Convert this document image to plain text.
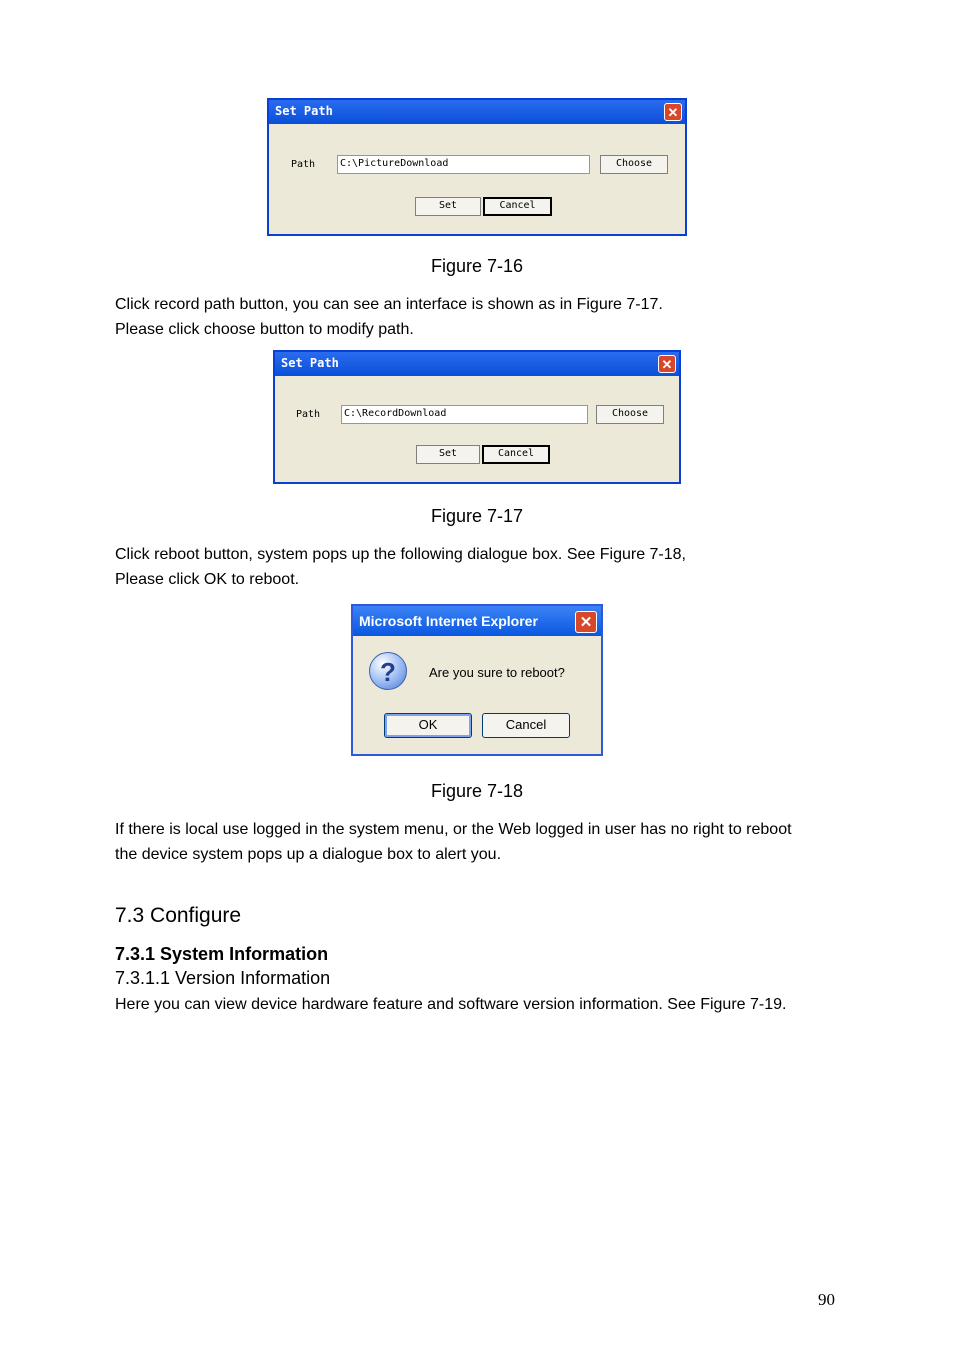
Set Path	✕
Path	C:\PictureDownload	Choose
Set	Cancel
Figure 7-16
Click record path button, you can see an interface is shown as in Figure 7-17.
Please click choose button to modify path.
Set Path	✕
Path	C:\RecordDownload	Choose
Set	Cancel
Figure 7-17
Click reboot button, system pops up the following dialogue box. See Figure 7-18,
Please click OK to reboot.
Microsoft Internet Explorer	✕
?	Are you sure to reboot?
OK	Cancel
Figure 7-18
If there is local use logged in the system menu, or the Web logged in user has no right to reboot
the device system pops up a dialogue box to alert you.
7.3 Configure
7.3.1 System Information
7.3.1.1 Version Information
Here you can view device hardware feature and software version information. See Figure 7-19.
90
